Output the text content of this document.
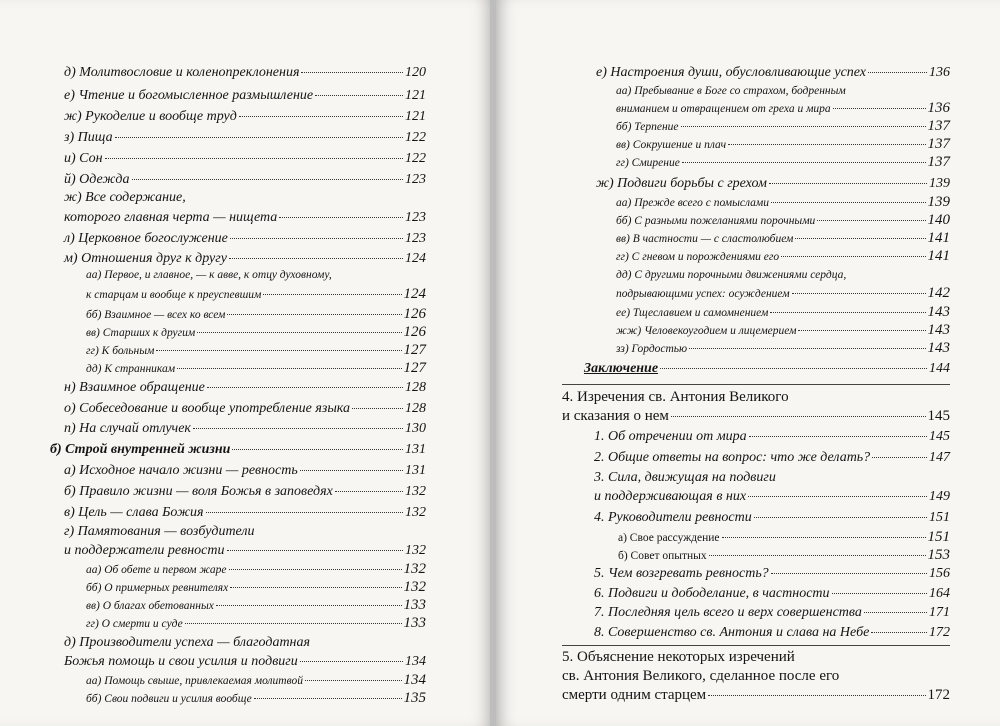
д) Молитвословие и коленопреклонения	120
е) Чтение и богомысленное размышление	121
ж) Рукоделие и вообще труд	121
з) Пища	122
и) Сон	122
й) Одежда	123
ж) Все содержание,
которого главная черта — нищета	123
л) Церковное богослужение	123
м) Отношения друг к другу	124
аа) Первое, и главное, — к авве, к отцу духовному,
к старцам и вообще к преуспевшим	124
бб) Взаимное — всех ко всем	126
вв) Старших к другим	126
гг) К больным	127
дд) К странникам	127
н) Взаимное обращение	128
о) Собеседование и вообще употребление языка	128
п) На случай отлучек	130
б) Строй внутренней жизни	131
а) Исходное начало жизни — ревность	131
б) Правило жизни — воля Божья в заповедях	132
в) Цель — слава Божия	132
г) Памятования — возбудители
и поддержатели ревности	132
аа) Об обете и первом жаре	132
бб) О примерных ревнителях	132
вв) О благах обетованных	133
гг) О смерти и суде	133
д) Производители успеха — благодатная
Божья помощь и свои усилия и подвиги	134
аа) Помощь свыше, привлекаемая молитвой	134
бб) Свои подвиги и усилия вообще	135
е) Настроения души, обусловливающие успех	136
аа) Пребывание в Боге со страхом, бодренным
вниманием и отвращением от греха и мира	136
бб) Терпение	137
вв) Сокрушение и плач	137
гг) Смирение	137
ж) Подвиги борьбы с грехом	139
аа) Прежде всего с помыслами	139
бб) С разными пожеланиями порочными	140
вв) В частности — с сластолюбием	141
гг) С гневом и порождениями его	141
дд) С другими порочными движениями сердца,
подрывающими успех: осуждением	142
ее) Тщеславием и самомнением	143
жж) Человекоугодием и лицемерием	143
зз) Гордостью	143
Заключение	144
4. Изречения св. Антония Великого
и сказания о нем	145
1. Об отречении от мира	145
2. Общие ответы на вопрос: что же делать?	147
3. Сила, движущая на подвиги
и поддерживающая в них	149
4. Руководители ревности	151
а) Свое рассуждение	151
б) Совет опытных	153
5. Чем возгревать ревность?	156
6. Подвиги и дободелание, в частности	164
7. Последняя цель всего и верх совершенства	171
8. Совершенство св. Антония и слава на Небе	172
5. Объяснение некоторых изречений
св. Антония Великого, сделанное после его
смерти одним старцем	172
